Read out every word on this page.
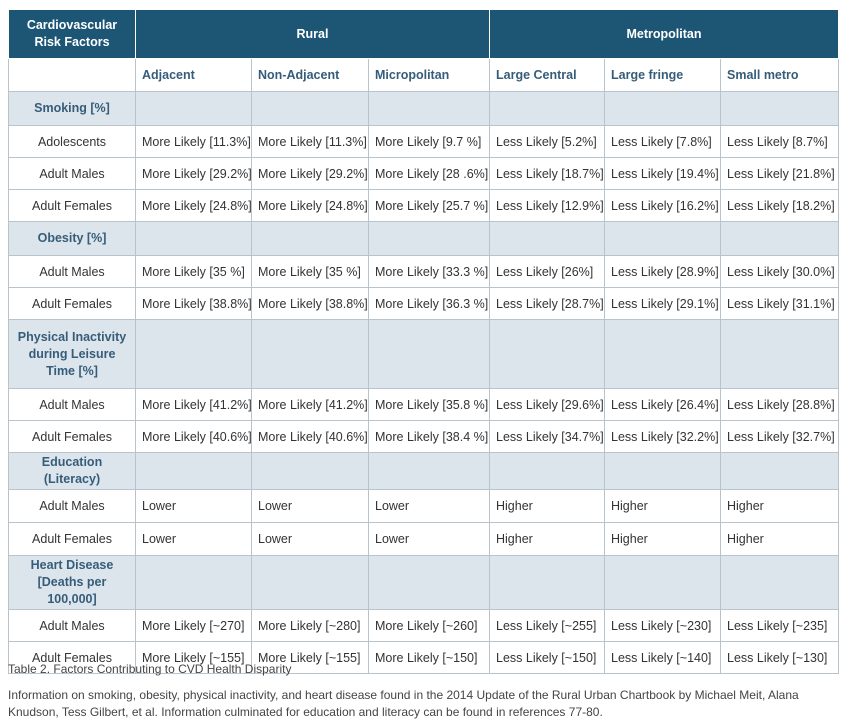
Cardiovascular Risk Factors	Rural			Metropolitan		
	Adjacent	Non-Adjacent	Micropolitan	Large Central	Large fringe	Small metro
Smoking [%]						
Adolescents	More Likely [11.3%]	More Likely [11.3%]	More Likely [9.7 %]	Less Likely [5.2%]	Less Likely [7.8%]	Less Likely [8.7%]
Adult Males	More Likely [29.2%]	More Likely [29.2%]	More Likely [28 .6%]	Less Likely [18.7%]	Less Likely [19.4%]	Less Likely [21.8%]
Adult Females	More Likely [24.8%]	More Likely [24.8%]	More Likely [25.7 %]	Less Likely [12.9%]	Less Likely [16.2%]	Less Likely [18.2%]
Obesity [%]						
Adult Males	More Likely [35 %]	More Likely [35 %]	More Likely [33.3 %]	Less Likely [26%]	Less Likely [28.9%]	Less Likely [30.0%]
Adult Females	More Likely [38.8%]	More Likely [38.8%]	More Likely [36.3 %]	Less Likely [28.7%]	Less Likely [29.1%]	Less Likely [31.1%]
Physical Inactivity during Leisure Time [%]						
Adult Males	More Likely [41.2%]	More Likely [41.2%]	More Likely [35.8 %]	Less Likely [29.6%]	Less Likely [26.4%]	Less Likely [28.8%]
Adult Females	More Likely [40.6%]	More Likely [40.6%]	More Likely [38.4 %]	Less Likely [34.7%]	Less Likely [32.2%]	Less Likely [32.7%]
Education (Literacy)						
Adult Males	Lower	Lower	Lower	Higher	Higher	Higher
Adult Females	Lower	Lower	Lower	Higher	Higher	Higher
Heart Disease [Deaths per 100,000]						
Adult Males	More Likely [~270]	More Likely [~280]	More Likely [~260]	Less Likely [~255]	Less Likely [~230]	Less Likely [~235]
Adult Females	More Likely [~155]	More Likely [~155]	More Likely [~150]	Less Likely [~150]	Less Likely [~140]	Less Likely [~130]
Table 2. Factors Contributing to CVD Health Disparity
Information on smoking, obesity, physical inactivity, and heart disease found in the 2014 Update of the Rural Urban Chartbook by Michael Meit, Alana Knudson, Tess Gilbert, et al. Information culminated for education and literacy can be found in references 77-80.
